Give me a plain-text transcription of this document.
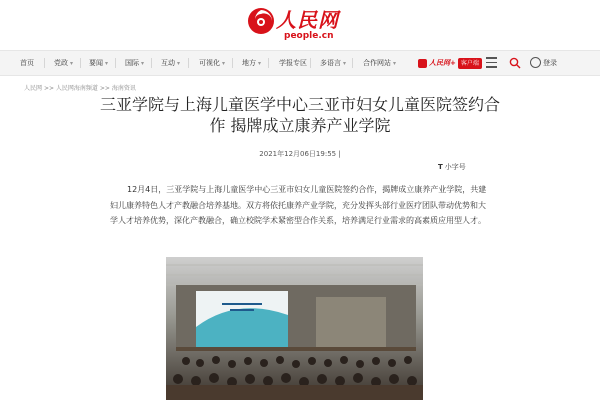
人民网
people.cn
首页	党政 ▾ 要闻 ▾ 国际 ▾ 互动 ▾	可视化 ▾ 地方 ▾	学报专区 多语言 ▾ 合作网站 ▾	人民网+ 客户端	登录
人民网 >> 人民网海南频道 >> 海南资讯
三亚学院与上海儿童医学中心三亚市妇女儿童医院签约合作 揭牌成立康养产业学院
2021年12月06日19:55 |
T 小字号

12月4日，三亚学院与上海儿童医学中心三亚市妇女儿童医院签约合作，揭牌成立康养产业学院，共建妇儿康养特色人才产教融合培养基地。双方将依托康养产业学院，充分发挥头部行业医疗团队带动优势和大学人才培养优势，深化产教融合，确立校院学术紧密型合作关系，培养满足行业需求的高素质应用型人才。
